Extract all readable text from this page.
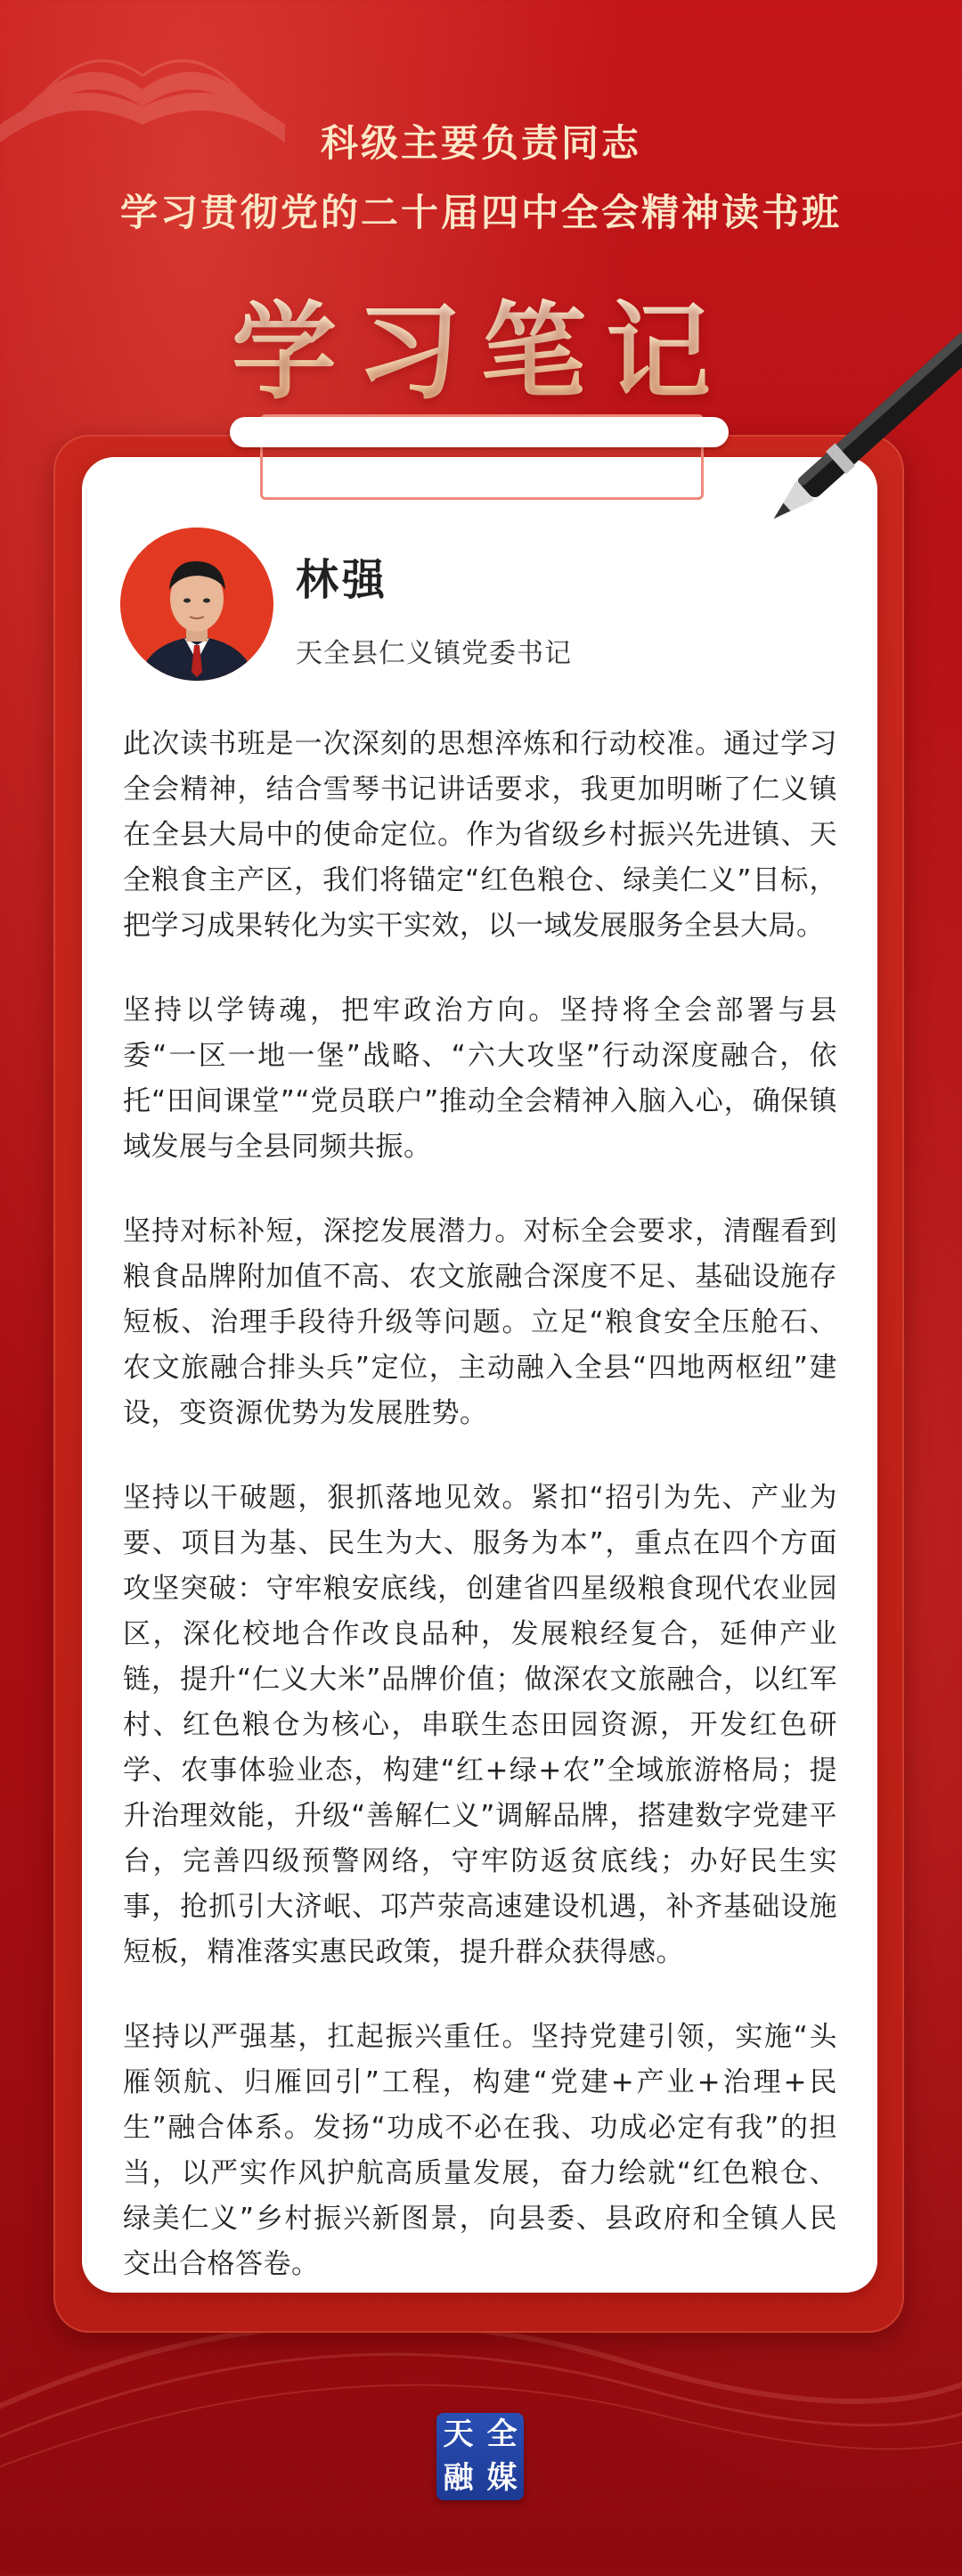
科级主要负责同志
学习贯彻党的二十届四中全会精神读书班
学习笔记
林强
天全县仁义镇党委书记

此次读书班是一次深刻的思想淬炼和行动校准。通过学习全会精神，结合雪琴书记讲话要求，我更加明晰了仁义镇在全县大局中的使命定位。作为省级乡村振兴先进镇、天全粮食主产区，我们将锚定“红色粮仓、绿美仁义”目标，把学习成果转化为实干实效，以一域发展服务全县大局。

坚持以学铸魂，把牢政治方向。坚持将全会部署与县委“一区一地一堡”战略、“六大攻坚”行动深度融合，依托“田间课堂”“党员联户”推动全会精神入脑入心，确保镇域发展与全县同频共振。

坚持对标补短，深挖发展潜力。对标全会要求，清醒看到粮食品牌附加值不高、农文旅融合深度不足、基础设施存短板、治理手段待升级等问题。立足“粮食安全压舱石、农文旅融合排头兵”定位，主动融入全县“四地两枢纽”建设，变资源优势为发展胜势。

坚持以干破题，狠抓落地见效。紧扣“招引为先、产业为要、项目为基、民生为大、服务为本”，重点在四个方面攻坚突破：守牢粮安底线，创建省四星级粮食现代农业园区，深化校地合作改良品种，发展粮经复合，延伸产业链，提升“仁义大米”品牌价值；做深农文旅融合，以红军村、红色粮仓为核心，串联生态田园资源，开发红色研学、农事体验业态，构建“红+绿+农”全域旅游格局；提升治理效能，升级“善解仁义”调解品牌，搭建数字党建平台，完善四级预警网络，守牢防返贫底线；办好民生实事，抢抓引大济岷、邛芦荥高速建设机遇，补齐基础设施短板，精准落实惠民政策，提升群众获得感。

坚持以严强基，扛起振兴重任。坚持党建引领，实施“头雁领航、归雁回引”工程，构建“党建+产业+治理+民生”融合体系。发扬“功成不必在我、功成必定有我”的担当，以严实作风护航高质量发展，奋力绘就“红色粮仓、绿美仁义”乡村振兴新图景，向县委、县政府和全镇人民交出合格答卷。

天 全
融 媒
